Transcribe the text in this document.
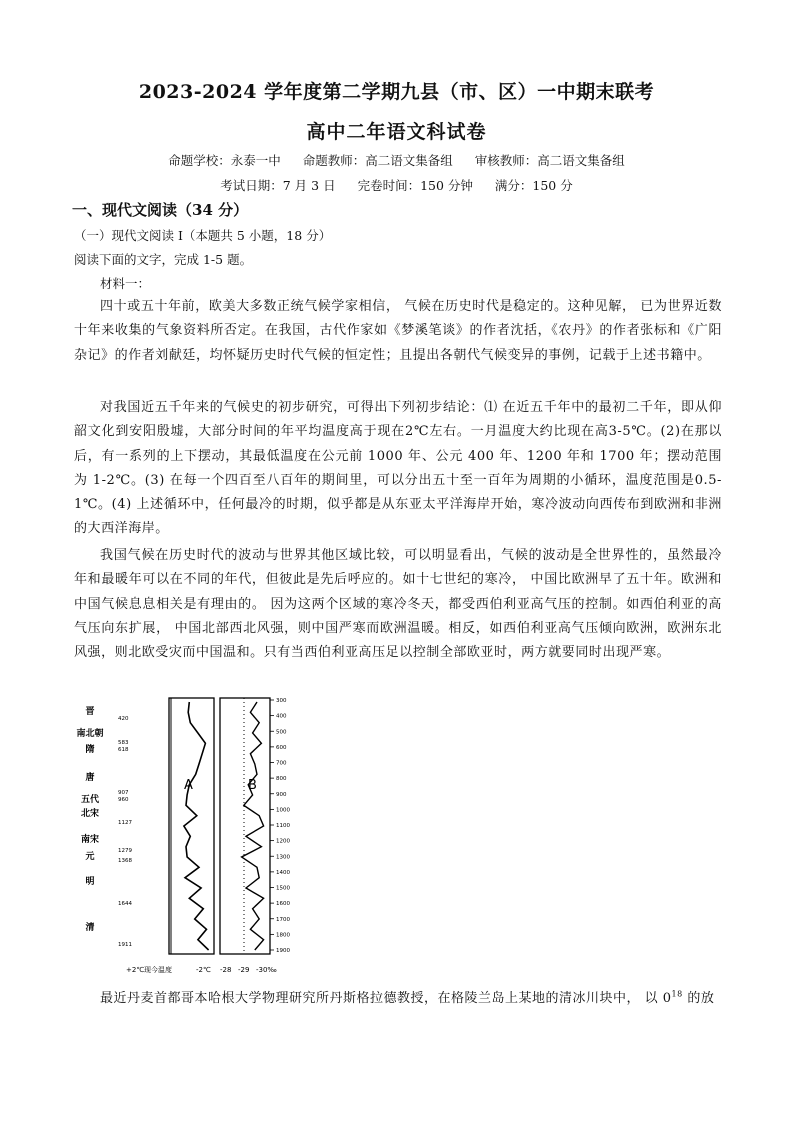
2023-2024 学年度第二学期九县（市、区）一中期末联考
高中二年语文科试卷
命题学校：永泰一中 命题教师：高二语文集备组 审核教师：高二语文集备组
考试日期：7 月 3 日 完卷时间：150 分钟 满分：150 分
一、现代文阅读（34 分）
（一）现代文阅读 Ⅰ（本题共 5 小题，18 分）
阅读下面的文字，完成 1-5 题。
材料一：
四十或五十年前，欧美大多数正统气候学家相信， 气候在历史时代是稳定的。这种见解， 已为世界近数十年来收集的气象资料所否定。在我国，古代作家如《梦溪笔谈》的作者沈括，《农丹》的作者张标和《广阳杂记》的作者刘献廷，均怀疑历史时代气候的恒定性；且提出各朝代气候变异的事例，记载于上述书籍中。
对我国近五千年来的气候史的初步研究，可得出下列初步结论：⑴ 在近五千年中的最初二千年，即从仰韶文化到安阳殷墟，大部分时间的年平均温度高于现在2℃左右。一月温度大约比现在高3-5℃。(2)在那以后，有一系列的上下摆动，其最低温度在公元前 1000 年、公元 400 年、1200 年和 1700 年；摆动范围为 1-2℃。(3) 在每一个四百至八百年的期间里，可以分出五十至一百年为周期的小循环，温度范围是0.5-1℃。(4) 上述循环中，任何最冷的时期，似乎都是从东亚太平洋海岸开始，寒冷波动向西传布到欧洲和非洲的大西洋海岸。
我国气候在历史时代的波动与世界其他区域比较，可以明显看出，气候的波动是全世界性的，虽然最冷年和最暖年可以在不同的年代，但彼此是先后呼应的。如十七世纪的寒冷， 中国比欧洲早了五十年。欧洲和中国气候息息相关是有理由的。 因为这两个区域的寒冷冬天，都受西伯利亚高气压的控制。如西伯利亚的高气压向东扩展， 中国北部西北风强，则中国严寒而欧洲温暖。相反，如西伯利亚高气压倾向欧洲，欧洲东北风强，则北欧受灾而中国温和。只有当西伯利亚高压足以控制全部欧亚时，两方就要同时出现严寒。
晋
南北朝
隋
唐
五代
北宋
南宋
元
明
清
420
583
618
907
960
1127
1279
1368
1644
1911
A	B
300
400
500
600
700
800
900
1000
1100
1200
1300
1400
1500
1600
1700
1800
1900
+2℃ 现今温度	-2℃ -28 -29 -30‰
最近丹麦首都哥本哈根大学物理研究所丹斯格拉德教授，在格陵兰岛上某地的清冰川块中， 以 $0^{18}$ 的放
